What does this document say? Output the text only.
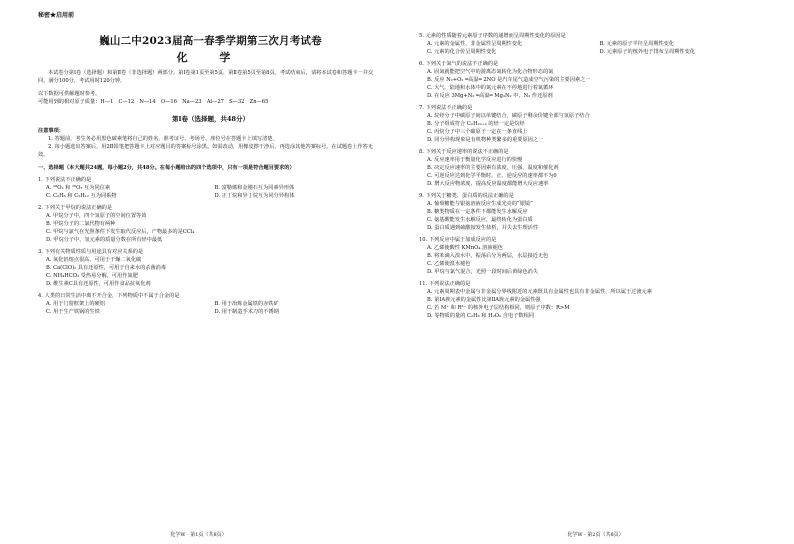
秘密★启用前
巍山二中2023届高一春季学期第三次月考试卷
化 学
本试卷分第Ⅰ卷（选择题）和第Ⅱ卷（非选择题）两部分。第Ⅰ卷第1页至第5页，第Ⅱ卷第5页至第8页。考试结束后，请将本试卷和答题卡一并交回。满分100分，考试用时120分钟。
以下数据可供解题时参考。
可能用到的相对原子质量：H—1　C—12　N—14　O—16　Na—23　Al—27　S—32　Zn—65
第Ⅰ卷（选择题，共48分）
注意事项：
1. 答题前，考生务必用黑色碳素笔将自己的姓名、准考证号、考场号、座位号在答题卡上填写清楚。
2. 每小题选出答案后，用2B铅笔把答题卡上对应题目的答案标号涂黑。如需改动，用橡皮擦干净后，再选涂其他答案标号。在试题卷上作答无效。
一、选择题（本大题共24题，每小题2分，共48分。在每小题给出的四个选项中，只有一项是符合题目要求的）
1. 下列说法不正确的是
A. ¹⁸O₂ 和 ¹⁶O₃ 互为同位素	B. 富勒烯和金刚石互为同素异形体
C. C₂H₆ 和 C₅H₁₂ 互为同系物	D. 正丁烷和异丁烷互为同分异构体
2. 下列关于甲烷的说法正确的是
A. 甲烷分子中，四个氢原子的空间位置等效
B. 甲烷分子的二氯代物有两种
C. 甲烷与氯气在光照条件下发生取代反应后，产物最多的是CCl₄
D. 甲烷分子中，氢元素的质量分数在所有烃中最低
3. 下列有关物质性质与用途具有对应关系的是
A. 氧化铝熔点很高，可用于干燥二氧化碳
B. Ca(ClO)₂ 具有还原性，可用于自来水的杀菌消毒
C. NH₄HCO₃ 受热易分解，可用作氮肥
D. 维生素C具有还原性，可用作食品抗氧化剂
4. 人类的日常生活中离不开合金，下列物质中不属于合金的是
A. 用于门窗框架上的硬铝	B. 用于冶炼金属铁的赤铁矿
C. 用于生产铁锅的生铁	D. 用于制造手术刀的不锈钢
化学W · 第1页（共8页）
5. 元素的性质随着元素原子序数的递增而呈周期性变化的原因是
A. 元素的金属性、非金属性呈周期性变化	B. 元素的原子半径呈周期性变化
C. 元素的化合价呈周期性变化	D. 元素原子的核外电子排布呈周期性变化
6. 下列关于氮气的说法不正确的是
A. 固氮就能把空气中的游离态氮转化为化合物形态的氮
B. 反应 N₂+O₂ ═高温═ 2NO 是汽车尾气造成空气污染的主要因素之一
C. 大气、陆地和水体中的氮元素在不停地进行着氮循环
D. 在反应 3Mg+N₂ ═高温═ Mg₃N₂ 中，N₂ 作还原剂
7. 下列说法不正确的是
A. 烷烃分子中碳原子间以单键结合，碳原子剩余价键全部与氢原子结合
B. 分子组成符合 CₙH₂ₙ₊₂ 的烃一定是烷烃
C. 丙烷分子中三个碳原子一定在一条直线上
D. 同分异构现象是有机物种类繁多的重要原因之一
8. 下列关于反应速率的说法不正确的是
A. 反应速率用于衡量化学反应进行的快慢
B. 决定反应速率的主要因素有浓度、压强、温度和催化剂
C. 可逆反应达到化学平衡时，正、逆反应的速率都不为0
D. 增大反应物浓度、提高反应温度都能增大反应速率
9. 下列关于糖类、蛋白质的说法正确的是
A. 葡萄糖能与银氨溶液反应生成光亮的“银镜”
B. 糖类物质在一定条件下都能发生水解反应
C. 氨基酸能发生水解反应，最终转化为蛋白质
D. 蛋白质遇到硫酸铵发生盐析，并失去生理活性
10. 下列反应中属于加成反应的是
A. 乙烯使酸性 KMnO₄ 溶液褪色
B. 将苯滴入溴水中，振荡后分为两层，水层接近无色
C. 乙烯使溴水褪色
D. 甲烷与氯气混合，光照一段时间后黄绿色消失
11. 下列说法正确的是
A. 元素周期表中金属与非金属分界线附近的元素既具有金属性也具有非金属性，所以属于过渡元素
B. 第ⅠA族元素的金属性比第ⅡA族元素的金属性强
C. 若 M⁺ 和 R²⁻ 的核外电子层结构相同，则原子序数：R>M
D. 等物质的量的 C₂H₆ 和 H₂O₂ 含电子数相同
化学W · 第2页（共8页）
